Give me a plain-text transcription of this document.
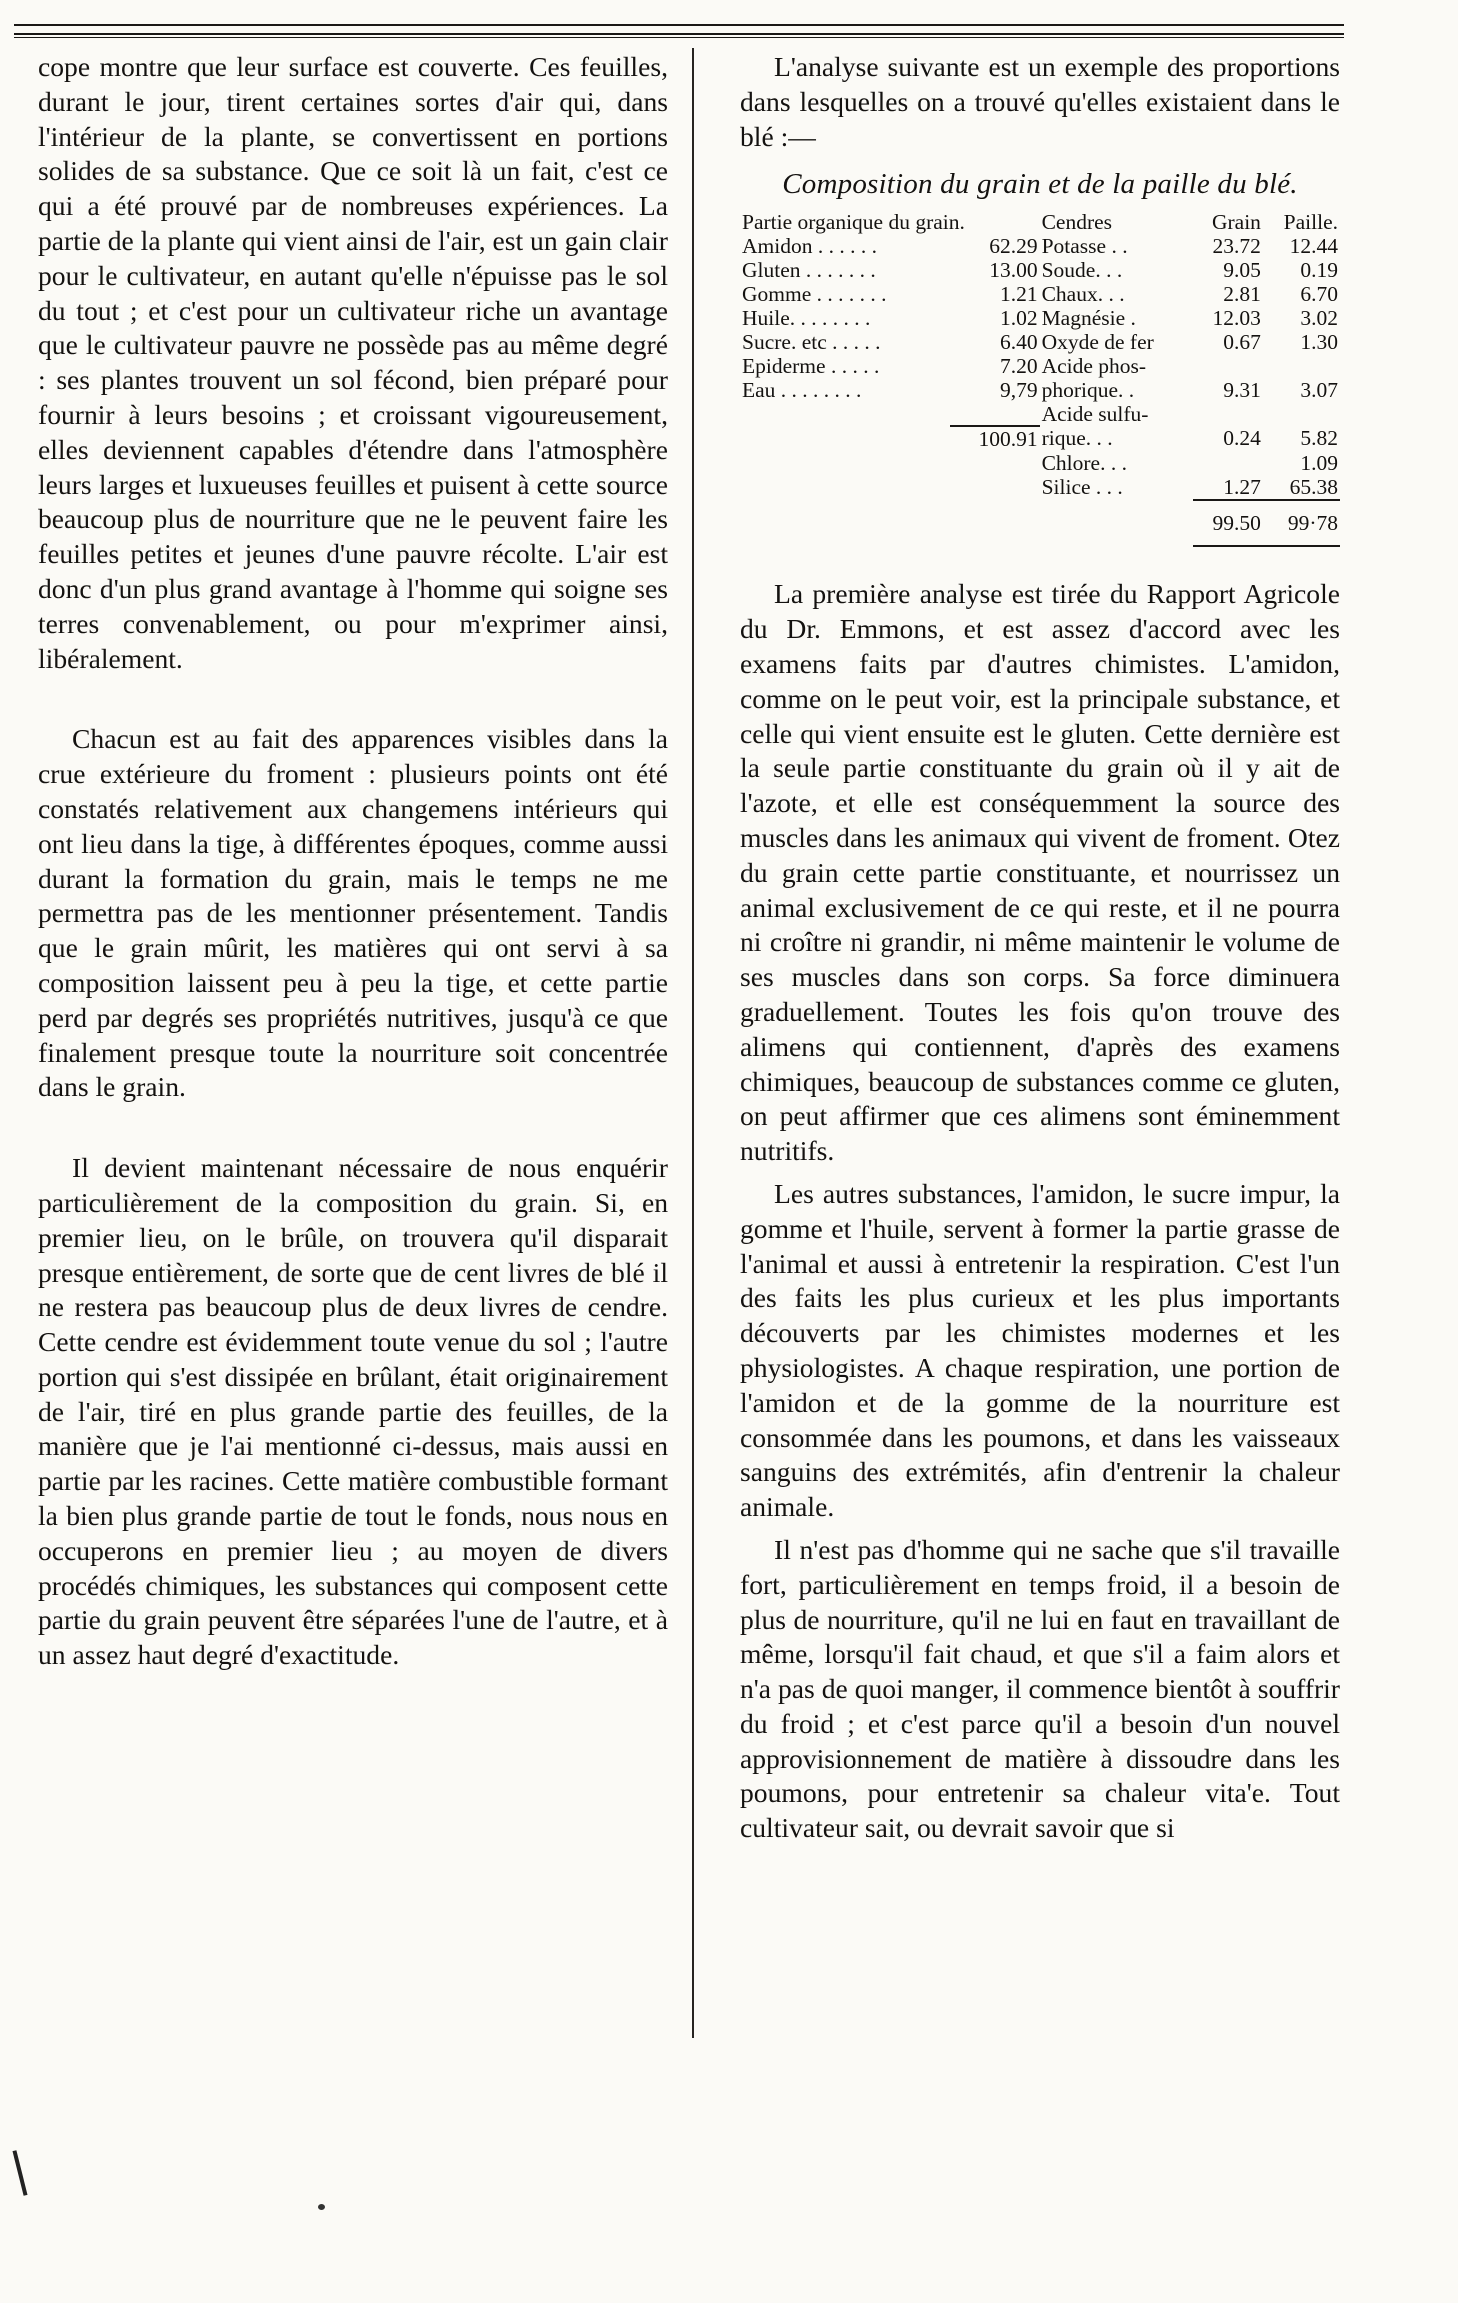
cope montre que leur surface est couverte. Ces feuilles, durant le jour, tirent certaines sortes d'air qui, dans l'intérieur de la plante, se convertissent en portions solides de sa substance. Que ce soit là un fait, c'est ce qui a été prouvé par de nombreuses expériences. La partie de la plante qui vient ainsi de l'air, est un gain clair pour le cultivateur, en autant qu'elle n'épuisse pas le sol du tout ; et c'est pour un cultivateur riche un avantage que le cultivateur pauvre ne possède pas au même degré : ses plantes trouvent un sol fécond, bien préparé pour fournir à leurs besoins ; et croissant vigoureusement, elles deviennent capables d'étendre dans l'atmosphère leurs larges et luxueuses feuilles et puisent à cette source beaucoup plus de nourriture que ne le peuvent faire les feuilles petites et jeunes d'une pauvre récolte. L'air est donc d'un plus grand avantage à l'homme qui soigne ses terres convenablement, ou pour m'exprimer ainsi, libéralement.

Chacun est au fait des apparences visibles dans la crue extérieure du froment : plusieurs points ont été constatés relativement aux changemens intérieurs qui ont lieu dans la tige, à différentes époques, comme aussi durant la formation du grain, mais le temps ne me permettra pas de les mentionner présentement. Tandis que le grain mûrit, les matières qui ont servi à sa composition laissent peu à peu la tige, et cette partie perd par degrés ses propriétés nutritives, jusqu'à ce que finalement presque toute la nourriture soit concentrée dans le grain.

Il devient maintenant nécessaire de nous enquérir particulièrement de la composition du grain. Si, en premier lieu, on le brûle, on trouvera qu'il disparait presque entièrement, de sorte que de cent livres de blé il ne restera pas beaucoup plus de deux livres de cendre. Cette cendre est évidemment toute venue du sol ; l'autre portion qui s'est dissipée en brûlant, était originairement de l'air, tiré en plus grande partie des feuilles, de la manière que je l'ai mentionné ci-dessus, mais aussi en partie par les racines. Cette matière combustible formant la bien plus grande partie de tout le fonds, nous nous en occuperons en premier lieu ; au moyen de divers procédés chimiques, les substances qui composent cette partie du grain peuvent être séparées l'une de l'autre, et à un assez haut degré d'exactitude.

L'analyse suivante est un exemple des proportions dans lesquelles on a trouvé qu'elles existaient dans le blé :—

Composition du grain et de la paille du blé.
Partie organique du grain.		Cendres	Grain	Paille.
Amidon . . . . . .	62.29	Potasse . .	23.72	12.44
Gluten . . . . . . .	13.00	Soude. . .	9.05	0.19
Gomme . . . . . . .	1.21	Chaux. . .	2.81	6.70
Huile. . . . . . . .	1.02	Magnésie .	12.03	3.02
Sucre. etc . . . . .	6.40	Oxyde de fer	0.67	1.30
Epiderme . . . . .	7.20	Acide phos-		
Eau . . . . . . . .	9,79	phorique. .	9.31	3.07
		Acide sulfu-		
	100.91	rique. . .	0.24	5.82
		Chlore. . .		1.09
		Silice . . .	1.27	65.38
			99.50	99·78

La première analyse est tirée du Rapport Agricole du Dr. Emmons, et est assez d'accord avec les examens faits par d'autres chimistes. L'amidon, comme on le peut voir, est la principale substance, et celle qui vient ensuite est le gluten. Cette dernière est la seule partie constituante du grain où il y ait de l'azote, et elle est conséquemment la source des muscles dans les animaux qui vivent de froment. Otez du grain cette partie constituante, et nourrissez un animal exclusivement de ce qui reste, et il ne pourra ni croître ni grandir, ni même maintenir le volume de ses muscles dans son corps. Sa force diminuera graduellement. Toutes les fois qu'on trouve des alimens qui contiennent, d'après des examens chimiques, beaucoup de substances comme ce gluten, on peut affirmer que ces alimens sont éminemment nutritifs.

Les autres substances, l'amidon, le sucre impur, la gomme et l'huile, servent à former la partie grasse de l'animal et aussi à entretenir la respiration. C'est l'un des faits les plus curieux et les plus importants découverts par les chimistes modernes et les physiologistes. A chaque respiration, une portion de l'amidon et de la gomme de la nourriture est consommée dans les poumons, et dans les vaisseaux sanguins des extrémités, afin d'entrenir la chaleur animale.

Il n'est pas d'homme qui ne sache que s'il travaille fort, particulièrement en temps froid, il a besoin de plus de nourriture, qu'il ne lui en faut en travaillant de même, lorsqu'il fait chaud, et que s'il a faim alors et n'a pas de quoi manger, il commence bientôt à souffrir du froid ; et c'est parce qu'il a besoin d'un nouvel approvisionnement de matière à dissoudre dans les poumons, pour entretenir sa chaleur vita'e. Tout cultivateur sait, ou devrait savoir que si
